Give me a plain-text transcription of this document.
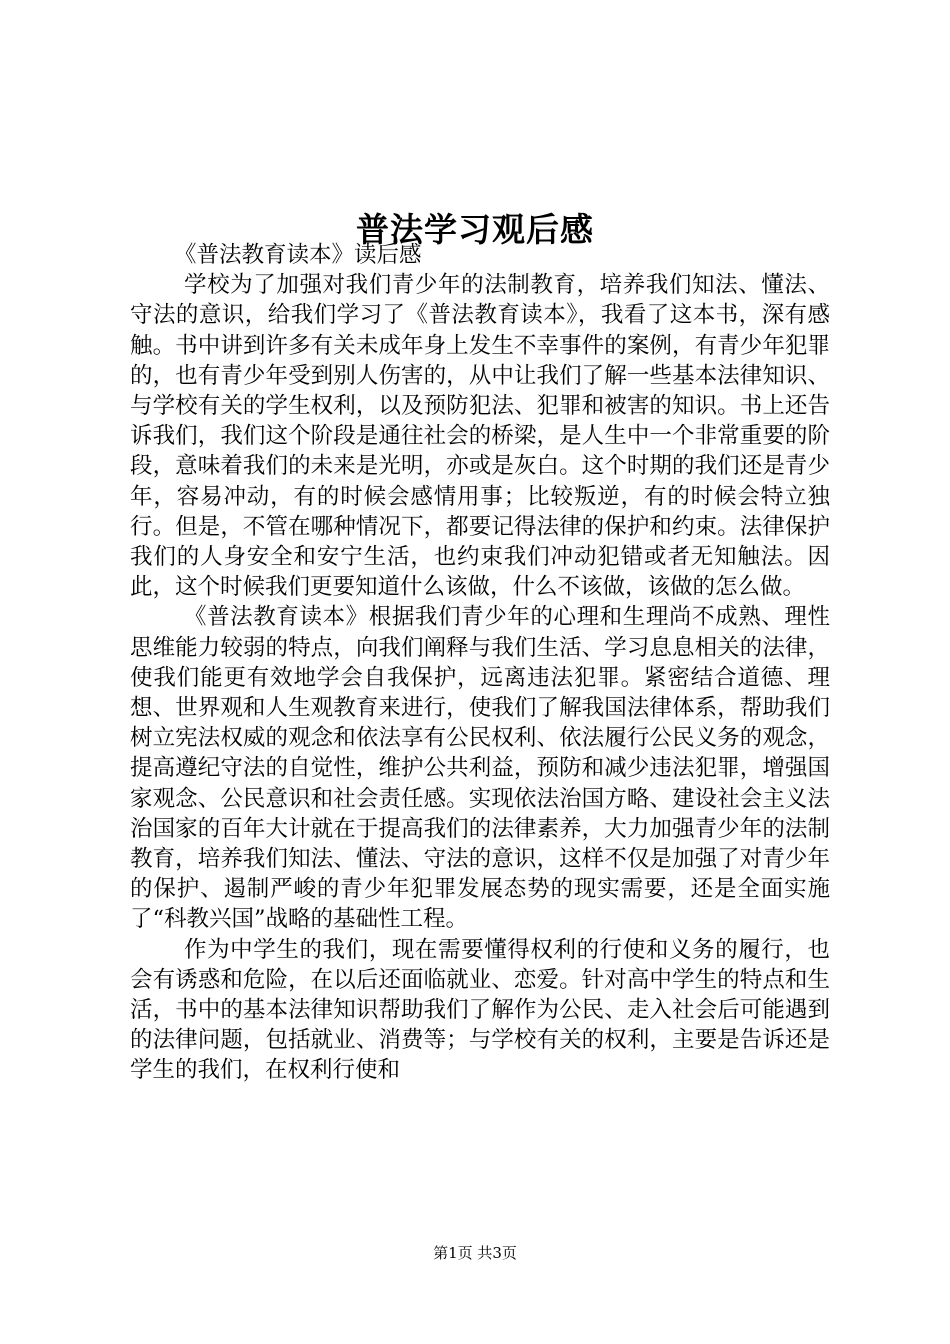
普法学习观后感

《普法教育读本》读后感

学校为了加强对我们青少年的法制教育，培养我们知法、懂法、守法的意识，给我们学习了《普法教育读本》，我看了这本书，深有感触。书中讲到许多有关未成年身上发生不幸事件的案例，有青少年犯罪的，也有青少年受到别人伤害的，从中让我们了解一些基本法律知识、与学校有关的学生权利，以及预防犯法、犯罪和被害的知识。书上还告诉我们，我们这个阶段是通往社会的桥梁，是人生中一个非常重要的阶段，意味着我们的未来是光明，亦或是灰白。这个时期的我们还是青少年，容易冲动，有的时候会感情用事；比较叛逆，有的时候会特立独行。但是，不管在哪种情况下，都要记得法律的保护和约束。法律保护我们的人身安全和安宁生活，也约束我们冲动犯错或者无知触法。因此，这个时候我们更要知道什么该做，什么不该做，该做的怎么做。

《普法教育读本》根据我们青少年的心理和生理尚不成熟、理性思维能力较弱的特点，向我们阐释与我们生活、学习息息相关的法律，使我们能更有效地学会自我保护，远离违法犯罪。紧密结合道德、理想、世界观和人生观教育来进行，使我们了解我国法律体系，帮助我们树立宪法权威的观念和依法享有公民权利、依法履行公民义务的观念，提高遵纪守法的自觉性，维护公共利益，预防和减少违法犯罪，增强国家观念、公民意识和社会责任感。实现依法治国方略、建设社会主义法治国家的百年大计就在于提高我们的法律素养，大力加强青少年的法制教育，培养我们知法、懂法、守法的意识，这样不仅是加强了对青少年的保护、遏制严峻的青少年犯罪发展态势的现实需要，还是全面实施了“科教兴国”战略的基础性工程。

作为中学生的我们，现在需要懂得权利的行使和义务的履行，也会有诱惑和危险，在以后还面临就业、恋爱。针对高中学生的特点和生活，书中的基本法律知识帮助我们了解作为公民、走入社会后可能遇到的法律问题，包括就业、消费等；与学校有关的权利，主要是告诉还是学生的我们，在权利行使和

第1页 共3页
